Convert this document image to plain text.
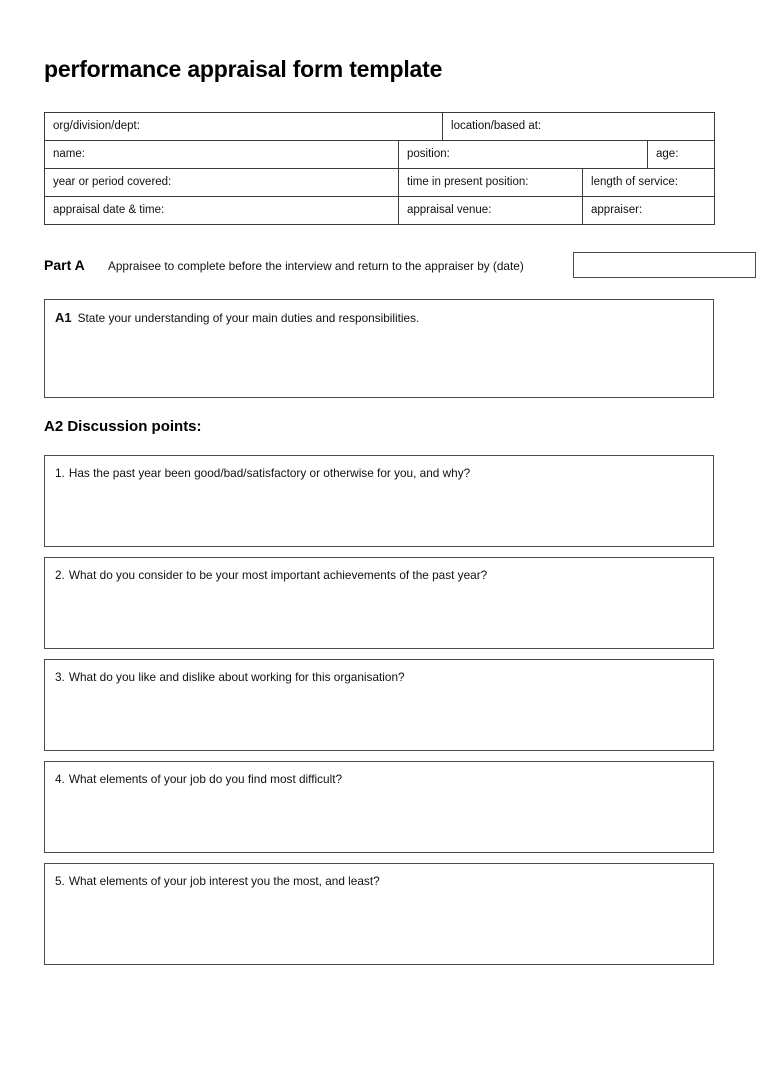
performance appraisal form template
org/division/dept:		location/based at:		
name:	position:			age:
year or period covered:	time in present position:		length of service:	
appraisal date & time:	appraisal venue:		appraiser:	
Part A Appraisee to complete before the interview and return to the appraiser by (date)
A1 State your understanding of your main duties and responsibilities.
A2 Discussion points:
1. Has the past year been good/bad/satisfactory or otherwise for you, and why?
2. What do you consider to be your most important achievements of the past year?
3. What do you like and dislike about working for this organisation?
4. What elements of your job do you find most difficult?
5. What elements of your job interest you the most, and least?
